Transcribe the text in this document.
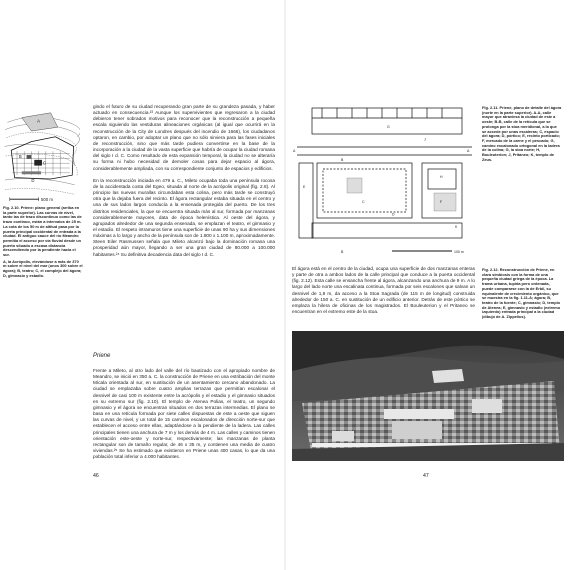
A
B
C
D
500 m

Fig. 2.10. Priene: plano general (arriba en la parte superior). Las curvas de nivel, tanto las de trazo discontinuo como las de trazo continuo, están a intervalos de 25 m. La cota de los 50 m de altitud pasa por la puerta principal occidental de entrada a la ciudad. El antiguo cauce del río Meandro permitía el acceso por vía fluvial desde un puerto situado a escasa distancia descendiendo por la pendiente hacia el sur.

A, la Acrópolis, elevándose a más de 370 m sobre el nivel del mar (unos 300 sobre el ágora); B, teatro; C, el complejo del ágora; D, gimnasio y estadio.

gindo el futuro de su ciudad recuperando gran parte de su grandeza pasada, y haber actuado en consecuencia.²³ Aunque los supervivientes que regresaron a la ciudad debieron tener sobrados motivos para reconocer que la reconstrucción a pequeña escala siguiendo las vestiduras alineaciones orgánicas (al igual que ocurrirá en la reconstrucción de la City de Londres después del incendio de 1666), los ciudadanos optaron, en cambio, por adoptar un plano que no sólo sirviera para las fases iniciales de reconstrucción, sino que más tarde pudiera convertirse en la base de la incorporación a la ciudad de la vasta superficie que habría de ocupar la ciudad romana del siglo I d. C. Como resultado de esta expansión temporal, la ciudad no se alteraría su forma ni hubo necesidad de demoler cosas para dejar espacio al ágora, considerablemente ampliada, con su correspondiente conjunto de espacios y edificios.

En la reconstrucción iniciada en 479 a. C., Mileto ocupaba toda una península rocosa de la accidentada costa del Egeo, situada al norte de la acrópolis original (fig. 2.8). Al principio las nuevas murallas circundaban esta colina, pero más tarde se construyó otra que la dejaba fuera del recinto. El ágora rectangular estaba situada en el centro y una de sus lados largos conducía a la ensenada protegida del puerto. De los tres distritos residenciales, la que se encuentra situada más al sur, formada por manzanas considerablemente mayores, data de época helenística. Al oeste del ágora, y agrupados alrededor de una segunda ensenada, se emplazan el teatro, el gimnasio y el estadio. El respeto intramuros tiene una superficie de unas 90 ha y sus dimensiones máximas a lo largo y ancho de la península son de 1.800 x 1.100 m, aproximadamente. Steen Eiler Rasmussen señala que Mileto alcanzó bajo la dominación romana una prosperidad aún mayor, llegando a ser una gran ciudad de 80.000 a 100.000 habitantes.²⁴ Su definitiva decadencia data del siglo I d. C.

Priene

Frente a Mileto, al otro lado del valle del río bautizado con el apropiado nombre de Meandro, se inició en 350 a. C. la construcción de Priene en una estribación del monte Mícala orientada al sur, en sustitución de un asentamiento cercano abandonado. La ciudad se emplazaba sobre cuatro amplias terrazas que permitían escalonar el desnivel de casi 100 m existente entre la acrópolis y el estadio y el gimnasio situados en su extremo sur (fig. 2.10). El templo de Atenea Polias, el teatro, un segundo gimnasio y el ágora se encuentran situados en dos terrazas intermedias. El plano se basa en una retícula formada por siete calles dispuestas de este a oeste que siguen las curvas de nivel, y un total de 15 caminos escalonados de dirección norte-sur que establecen el acceso entre ellas, adaptándose a la pendiente de la ladera. Las calles principales tienen una anchura de 7 m y los demás de 4 m. Las calles y caminos tienen orientación este-oeste y norte-sur, respectivamente; las manzanas de planta rectangular son de tamaño regular, de 46 x 35 m, y contienen una media de cuatro viviendas.²⁵ Se ha estimado que existieron en Priene unas 400 casas, lo que da una población total inferior a 4.000 habitantes.

46
A	A
B
B
C
D
E
F
G
H
J
K
100 m

Fig. 2.11. Priene, plano de detalle del ágora (norte en la parte superior). A-A, calle mayor que atraviesa la ciudad de este a oeste; B-B, calle de la retícula que se prolonga por la stoa meridional, a la que se accede por unas escaleras; C, espacio del ágora; D, pórtico; E, recinto porticado; F, mercado de la carne y el pescado; G, camino escalonado ortogonal en la ladera de la colina; G, la stoa norte; H, Bouleuterion; J, Pritaneo; K, templo de Zeus.

El ágora está en el centro de la ciudad, ocupa una superficie de dos manzanas enteras y parte de otra a ambos lados de la calle principal que conduce a la puerta occidental (fig. 2.12). Esta calle se ensancha frente al ágora, alcanzando una anchura de 9 m. A lo largo del lado norte una escalinata continua, formada por seis escalones que salvan un desnivel de 1,8 m, da acceso a la Stoa Sagrada (de 115 m de longitud) construida alrededor de 150 a. C. en sustitución de un edificio anterior. Detrás de este pórtico se emplaza la hilera de oficinas de los magistrados. El Bouleuterion y el Pritaneo se encuentran en el extremo este de la stoa.

Fig. 2.12. Reconstrucción de Priene, en clara simbiosis con la forma de una pequeña ciudad griega de la época. La trama urbana, tupida pero ordenada, puede compararse con la de Erbil, su equivalente de crecimiento orgánico, que se muestra en la fig. 1.11-A; ágora; B, teatro de la fuente; C, gimnasio; D, templo de Atenea; E, gimnasio y estadio (extremo izquierdo) entrada principal a la ciudad (dibujo de A. Zippelius).

47
